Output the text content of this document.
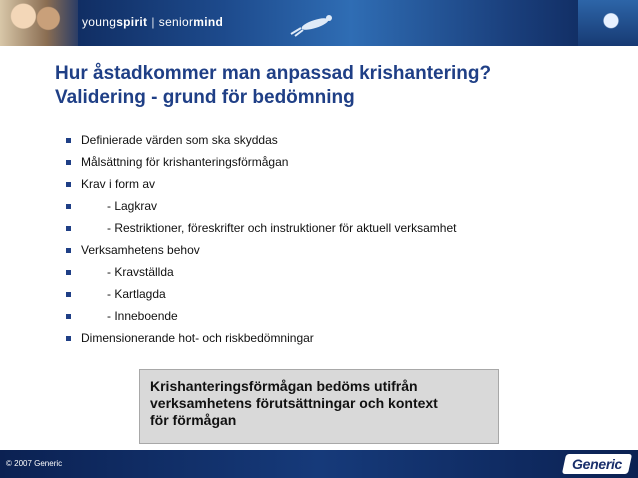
youngspirit | seniormind
Hur åstadkommer man anpassad krishantering?
Validering - grund för bedömning
Definierade värden som ska skyddas
Målsättning för krishanteringsförmågan
Krav i form av
- Lagkrav
- Restriktioner, föreskrifter och instruktioner för aktuell verksamhet
Verksamhetens behov
- Kravställda
- Kartlagda
- Inneboende
Dimensionerande hot- och riskbedömningar
Krishanteringsförmågan bedöms utifrån
verksamhetens förutsättningar och kontext
för förmågan
© 2007 Generic	Generic
